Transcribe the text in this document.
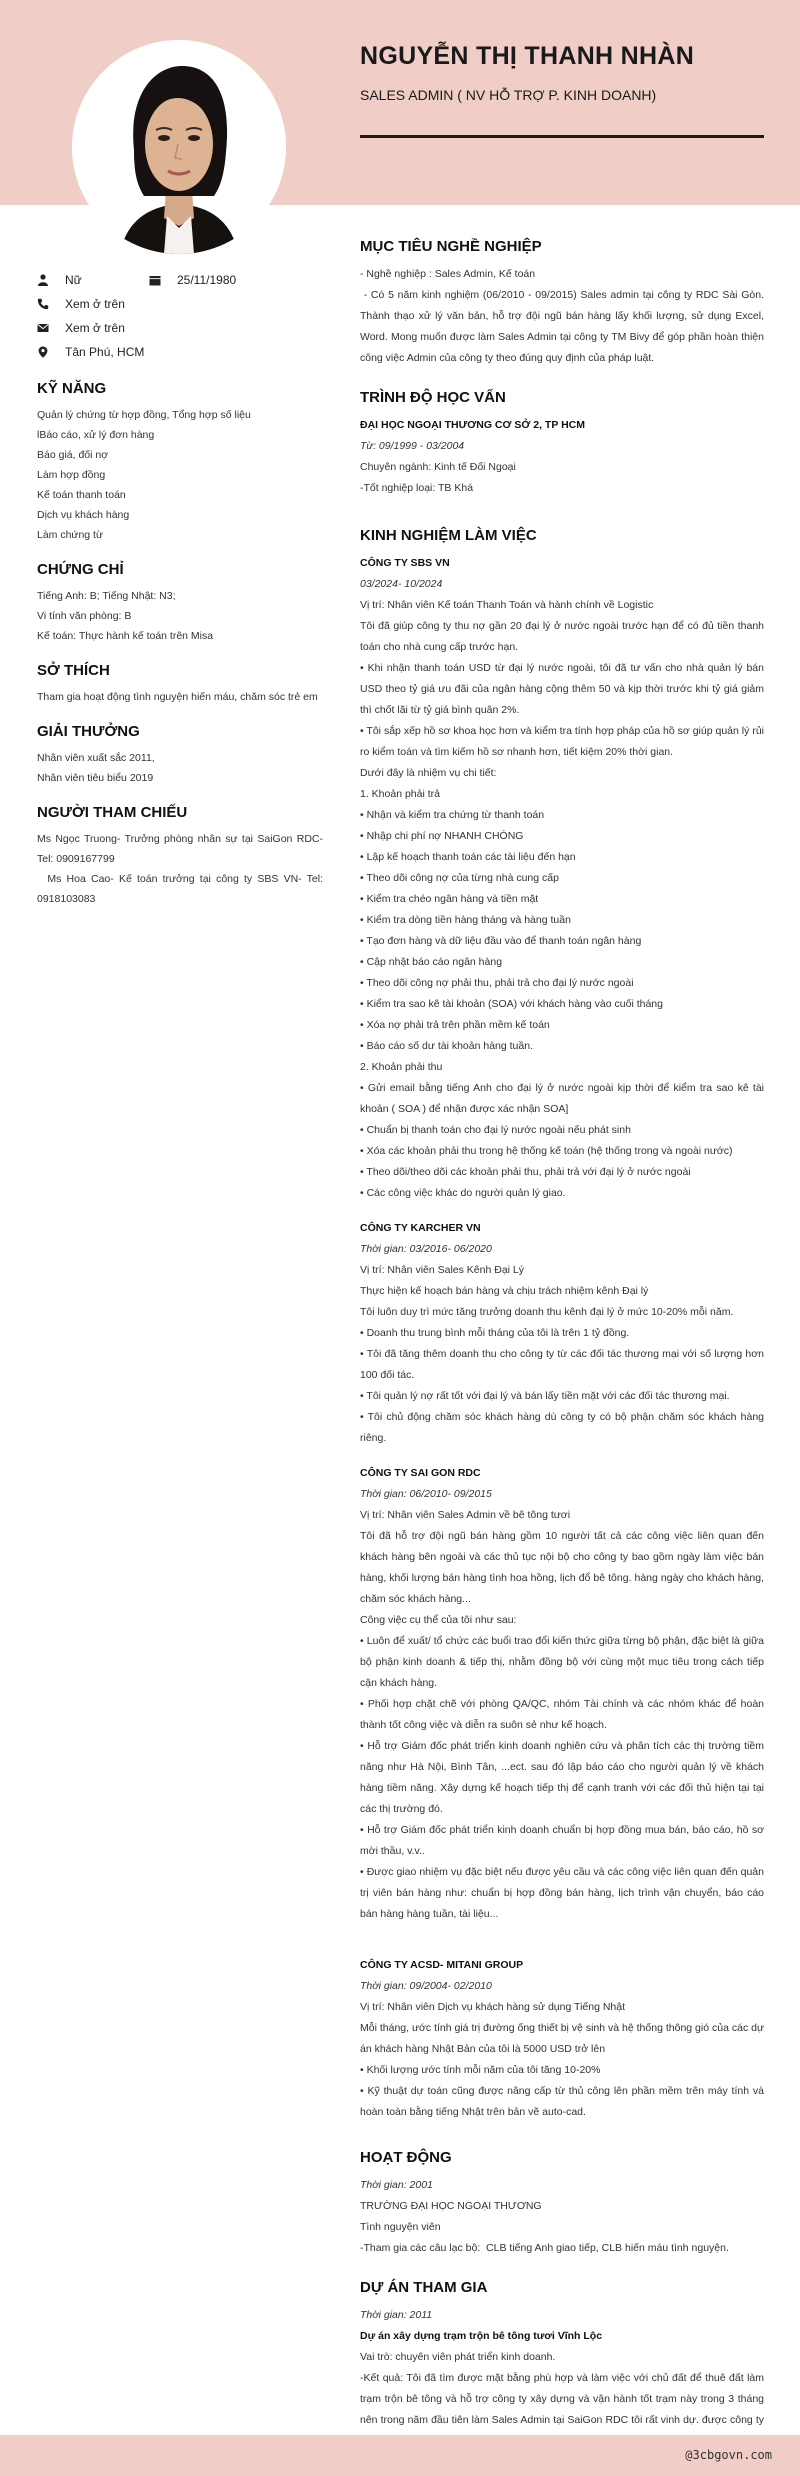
NGUYỄN THỊ THANH NHÀN
SALES ADMIN ( NV HỖ TRỢ P. KINH DOANH)
Nữ	25/11/1980
Xem ở trên
Xem ở trên
Tân Phú, HCM
KỸ NĂNG
Quản lý chứng từ hợp đồng, Tổng hợp số liệu
lBáo cáo, xử lý đơn hàng
Báo giá, đối nợ
Làm hợp đồng
Kế toán thanh toán
Dịch vụ khách hàng
Làm chứng từ
CHỨNG CHỈ
Tiếng Anh: B; Tiếng Nhật: N3;
Vi tính văn phòng: B
Kế toán: Thực hành kế toán trên Misa
SỞ THÍCH
Tham gia hoạt động tình nguyện hiến máu, chăm sóc trẻ em
GIẢI THƯỞNG
Nhân viên xuất sắc 2011,
Nhân viên tiêu biểu 2019
NGƯỜI THAM CHIẾU
Ms Ngọc Truong- Trưởng phòng nhân sự tại SaiGon RDC- Tel: 0909167799
Ms Hoa Cao- Kế toán trưởng tại công ty SBS VN- Tel: 0918103083
MỤC TIÊU NGHỀ NGHIỆP
- Nghề nghiệp : Sales Admin, Kế toán
- Có 5 năm kinh nghiệm (06/2010 - 09/2015) Sales admin tại công ty RDC Sài Gòn. Thành thạo xử lý văn bản, hỗ trợ đội ngũ bán hàng lấy khối lượng, sử dụng Excel, Word. Mong muốn được làm Sales Admin tại công ty TM Bivy để góp phần hoàn thiện công việc Admin của công ty theo đúng quy định của pháp luật.
TRÌNH ĐỘ HỌC VẤN
ĐẠI HỌC NGOẠI THƯƠNG CƠ SỞ 2, TP HCM
Từ: 09/1999 - 03/2004
Chuyên ngành: Kinh tế Đối Ngoại
-Tốt nghiệp loại: TB Khá
KINH NGHIỆM LÀM VIỆC
CÔNG TY SBS VN
03/2024- 10/2024
Vị trí: Nhân viên Kế toán Thanh Toán và hành chính về Logistic
Tôi đã giúp công ty thu nợ gần 20 đại lý ở nước ngoài trước hạn để có đủ tiền thanh toán cho nhà cung cấp trước hạn.
• Khi nhận thanh toán USD từ đại lý nước ngoài, tôi đã tư vấn cho nhà quản lý bán USD theo tỷ giá ưu đãi của ngân hàng cộng thêm 50 và kịp thời trước khi tỷ giá giảm thì chốt lãi từ tỷ giá bình quân 2%.
• Tôi sắp xếp hồ sơ khoa học hơn và kiểm tra tính hợp pháp của hồ sơ giúp quản lý rủi ro kiểm toán và tìm kiếm hồ sơ nhanh hơn, tiết kiệm 20% thời gian.
Dưới đây là nhiệm vụ chi tiết:
1. Khoản phải trả
• Nhận và kiểm tra chứng từ thanh toán
• Nhập chi phí nợ NHANH CHÓNG
• Lập kế hoạch thanh toán các tài liệu đến hạn
• Theo dõi công nợ của từng nhà cung cấp
• Kiểm tra chéo ngân hàng và tiền mặt
• Kiểm tra dòng tiền hàng tháng và hàng tuần
• Tạo đơn hàng và dữ liệu đầu vào để thanh toán ngân hàng
• Cập nhật báo cáo ngân hàng
• Theo dõi công nợ phải thu, phải trả cho đại lý nước ngoài
• Kiểm tra sao kê tài khoản (SOA) với khách hàng vào cuối tháng
• Xóa nợ phải trả trên phần mềm kế toán
• Báo cáo số dư tài khoản hàng tuần.
2. Khoản phải thu
• Gửi email bằng tiếng Anh cho đại lý ở nước ngoài kịp thời để kiểm tra sao kê tài khoản ( SOA ) để nhận được xác nhận SOA]
• Chuẩn bị thanh toán cho đại lý nước ngoài nếu phát sinh
• Xóa các khoản phải thu trong hệ thống kế toán (hệ thống trong và ngoài nước)
• Theo dõi/theo dõi các khoản phải thu, phải trả với đại lý ở nước ngoài
• Các công việc khác do người quản lý giao.
CÔNG TY KARCHER VN
Thời gian: 03/2016- 06/2020
Vị trí: Nhân viên Sales Kênh Đại Lý
Thực hiện kế hoạch bán hàng và chịu trách nhiệm kênh Đại lý
Tôi luôn duy trì mức tăng trưởng doanh thu kênh đại lý ở mức 10-20% mỗi năm.
• Doanh thu trung bình mỗi tháng của tôi là trên 1 tỷ đồng.
• Tôi đã tăng thêm doanh thu cho công ty từ các đối tác thương mại với số lượng hơn 100 đối tác.
• Tôi quản lý nợ rất tốt với đại lý và bán lấy tiền mặt với các đối tác thương mại.
• Tôi chủ động chăm sóc khách hàng dù công ty có bộ phận chăm sóc khách hàng riêng.
CÔNG TY SAI GON RDC
Thời gian: 06/2010- 09/2015
Vị trí: Nhân viên Sales Admin về bê tông tươi
Tôi đã hỗ trợ đội ngũ bán hàng gồm 10 người tất cả các công việc liên quan đến khách hàng bên ngoài và các thủ tục nội bộ cho công ty bao gồm ngày làm việc bán hàng, khối lượng bán hàng tình hoa hồng, lịch đổ bê tông. hàng ngày cho khách hàng, chăm sóc khách hàng...
Công việc cụ thể của tôi như sau:
• Luôn để xuất/ tổ chức các buổi trao đổi kiến thức giữa từng bộ phận, đặc biệt là giữa bộ phận kinh doanh & tiếp thị, nhằm đồng bộ với cùng một mục tiêu trong cách tiếp cận khách hàng.
• Phối hợp chặt chẽ với phòng QA/QC, nhóm Tài chính và các nhóm khác để hoàn thành tốt công việc và diễn ra suôn sẻ như kế hoạch.
• Hỗ trợ Giám đốc phát triển kinh doanh nghiên cứu và phân tích các thị trường tiềm năng như Hà Nội, Bình Tân, ...ect. sau đó lập báo cáo cho người quản lý về khách hàng tiềm năng. Xây dựng kế hoạch tiếp thị để cạnh tranh với các đối thủ hiện tại tại các thị trường đó.
• Hỗ trợ Giám đốc phát triển kinh doanh chuẩn bị hợp đồng mua bán, báo cáo, hồ sơ mời thầu, v.v..
• Được giao nhiệm vụ đặc biệt nếu được yêu cầu và các công việc liên quan đến quản trị viên bán hàng như: chuẩn bị hợp đồng bán hàng, lịch trình vận chuyển, báo cáo bán hàng hàng tuần, tài liệu...
CÔNG TY ACSD- MITANI GROUP
Thời gian: 09/2004- 02/2010
Vị trí: Nhân viên Dịch vụ khách hàng sử dụng Tiếng Nhật
Mỗi tháng, ước tính giá trị đường ống thiết bị vệ sinh và hệ thống thông gió của các dự án khách hàng Nhật Bản của tôi là 5000 USD trở lên
• Khối lượng ước tính mỗi năm của tôi tăng 10-20%
• Kỹ thuật dự toán cũng được nâng cấp từ thủ công lên phần mềm trên máy tính và hoàn toàn bằng tiếng Nhật trên bản vẽ auto-cad.
HOẠT ĐỘNG
Thời gian: 2001
TRƯỜNG ĐẠI HỌC NGOẠI THƯƠNG
Tình nguyện viên
-Tham gia các câu lạc bộ:  CLB tiếng Anh giao tiếp, CLB hiến máu tình nguyện.
DỰ ÁN THAM GIA
Thời gian: 2011
Dự án xây dựng trạm trộn bê tông tươi Vĩnh Lộc
Vai trò: chuyên viên phát triển kinh doanh.
-Kết quả: Tôi đã tìm được mặt bằng phù hợp và làm việc với chủ đất để thuê đất làm trạm trộn bê tông và hỗ trợ công ty xây dựng và vận hành tốt trạm này trong 3 tháng nên trong năm đầu tiên làm Sales Admin tại SaiGon RDC tôi rất vinh dự. được công ty
@3cbgovn.com
